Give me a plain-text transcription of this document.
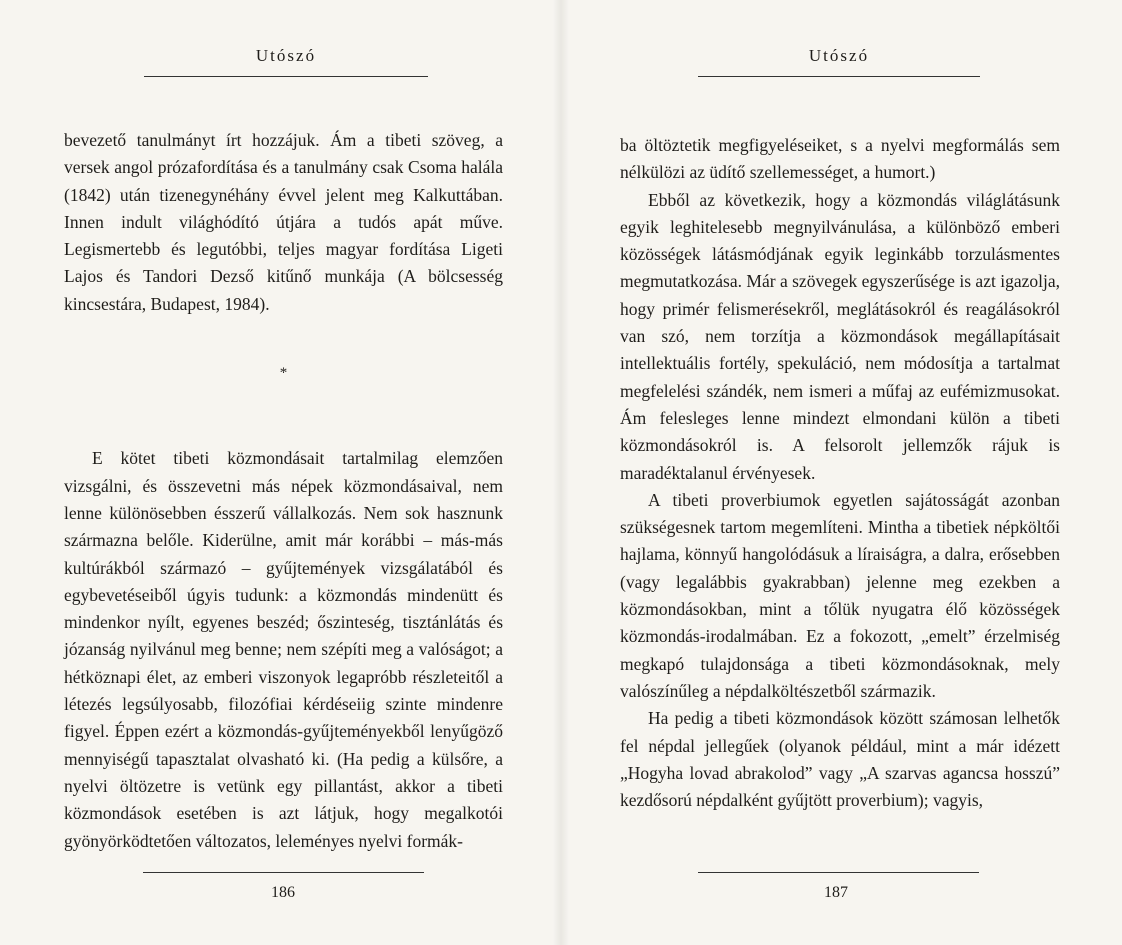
Utószó

bevezető tanulmányt írt hozzájuk. Ám a tibeti szöveg, a versek angol prózafordítása és a tanulmány csak Csoma halála (1842) után tizenegynéhány évvel jelent meg Kalkuttában. Innen indult világhódító útjára a tudós apát műve. Legismertebb és legutóbbi, teljes magyar fordítása Ligeti Lajos és Tandori Dezső kitűnő munkája (A bölcsesség kincsestára, Budapest, 1984).

*

E kötet tibeti közmondásait tartalmilag elemzően vizsgálni, és összevetni más népek közmondásaival, nem lenne különösebben ésszerű vállalkozás. Nem sok hasznunk származna belőle. Kiderülne, amit már korábbi – más-más kultúrákból származó – gyűjtemények vizsgálatából és egybevetéseiből úgyis tudunk: a közmondás mindenütt és mindenkor nyílt, egyenes beszéd; őszinteség, tisztánlátás és józanság nyilvánul meg benne; nem szépíti meg a valóságot; a hétköznapi élet, az emberi viszonyok legapróbb részleteitől a létezés legsúlyosabb, filozófiai kérdéseiig szinte mindenre figyel. Éppen ezért a közmondás-gyűjteményekből lenyűgöző mennyiségű tapasztalat olvasható ki. (Ha pedig a külsőre, a nyelvi öltözetre is vetünk egy pillantást, akkor a tibeti közmondások esetében is azt látjuk, hogy megalkotói gyönyörködtetően változatos, leleményes nyelvi formák-

186
Utószó

ba öltöztetik megfigyeléseiket, s a nyelvi megformálás sem nélkülözi az üdítő szellemességet, a humort.)

Ebből az következik, hogy a közmondás világlátásunk egyik leghitelesebb megnyilvánulása, a különböző emberi közösségek látásmódjának egyik leginkább torzulásmentes megmutatkozása. Már a szövegek egyszerűsége is azt igazolja, hogy primér felismerésekről, meglátásokról és reagálásokról van szó, nem torzítja a közmondások megállapításait intellektuális fortély, spekuláció, nem módosítja a tartalmat megfelelési szándék, nem ismeri a műfaj az eufémizmusokat. Ám felesleges lenne mindezt elmondani külön a tibeti közmondásokról is. A felsorolt jellemzők rájuk is maradéktalanul érvényesek.

A tibeti proverbiumok egyetlen sajátosságát azonban szükségesnek tartom megemlíteni. Mintha a tibetiek népköltői hajlama, könnyű hangolódásuk a líraiságra, a dalra, erősebben (vagy legalábbis gyakrabban) jelenne meg ezekben a közmondásokban, mint a tőlük nyugatra élő közösségek közmondás-irodalmában. Ez a fokozott, „emelt” érzelmiség megkapó tulajdonsága a tibeti közmondásoknak, mely valószínűleg a népdalköltészetből származik.

Ha pedig a tibeti közmondások között számosan lelhetők fel népdal jellegűek (olyanok például, mint a már idézett „Hogyha lovad abrakolod” vagy „A szarvas agancsa hosszú” kezdősorú népdalként gyűjtött proverbium); vagyis,

187
